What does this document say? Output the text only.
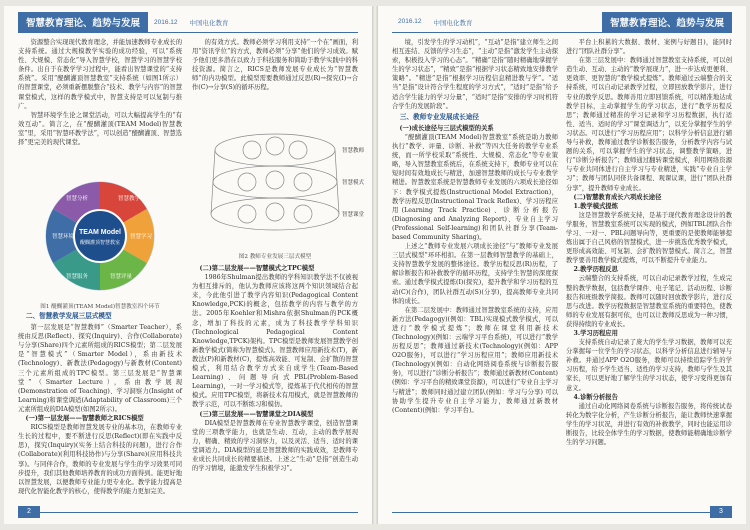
智慧教育理论、趋势与发展	2016.12 中国电化教育

资源整合实现现代教育理念，并能加速教师专业成长的支持系统。通过大规模教学实验的成功经验，可以“系统性、大规模、常态化”导入智慧学校，智慧学习的智慧学校条件。出自于在教学学习过程中，能看出智慧课堂的“支持系统”。采用“醍醐灌顶智慧教室”支持系统（如图1所示）的智慧课堂，必须重新摆脱整合“技术、教学与内容”的智慧课堂模式，这样的教学模式中，智慧支持是可以复制与推广。

智慧环境学生论之课堂活动，可以大幅提高学生的“有效互动”。简言之，在“醍醐灌顶(TEAM Model)智慧教室”里，采用“智慧环教学法”，可以创造“醍醐灌顶、智慧选择”更完美的现代课堂。

智慧教学
智慧学习
智慧评量
智慧服务
智慧环境
智慧分析
TEAM Model
醍醐灌顶智慧教室
图1 醍醐灌顶(TEAM Model)智慧教室四个环节

二、智慧教学发展三层式模型

第一层发展是“智慧教师”（Smarter Teacher），系统由反思(Reflect)、探究(Inquiry)、合作(Collaborate)与分享(Share)四个元素所组成的RICS模型；第二层发展是“智慧模式”（Smarter Model），系由新技术(Technology)、新教法(Pedagogy)与新教材(Content)三个元素所组成的TPC模型。第三层发展是“智慧课堂”（Smarter Lecture），系由教学展现(Demonstration of Teaching)、学习洞察力(Insight of Learning)和课堂调适(Adaptability of Classroom)三个元素所组成的DIA模型(如图2所示)。

(一)第一层发展——智慧教师之RICS模型

RICS模型是教师智慧发展专业的基本功，在教师专业生长的过程中，要不断进行反思(Reflect)(即在实践中反思)，探究(Inquiry)(实务上结合科技的问题)，进行合作(Collaborate)(利用科技协作)与分享(Share)(应用科技共享)。与同伴合作，教师的专业发展与学生的学习效果可同步提升，我们其他教师培养教育的成功方面得到。能更好地以智慧发展，以便教师专业能力更专业化。教学能力提高是现代化智能化教学的核心，使得教学的能力更加完美。

的有效方式。教师必须学习利用支持“一个在”画面，利用“资讯学位”的方式，教师必须“分享”他们的学习成效。赋予他们更多潜在以致力于科技服务和简助于教学实践中的科技资源。简言之，RICS是教师发展专业成长为“智慧教师”的内功模型。此模型需要教师通过反思(R)→探究(I)→合作(C)→分享(S)的循环历程。

智慧教师
智慧模式
智慧课堂
图2 教师专业发展三层式模型

(二)第二层发展——智慧模式之TPC模型

1986年Shulman提出教师的学科知识教学法不仅被视为相互排斥的，他认为教师应该将这两个知识领域结合起来，今此他引进了教学内容知识(Pedagogical Content Knowledge,PCK)的概念，包括教学的内容与教学的方法。2005年Koehler和Mishra依据Shulman的PCK概念，增加了科技的元素，成为了科技教学学科知识(Technological Pedagogical Content Knowledge,TPCK)架构。TPC模型是教师发展智慧教学创新教学模式(简称为智慧模式)。智慧教师应用新技术(T)，新教法(P)和新教材(C)，提炼高效能、可复制、会扩散的智慧模式，利用结合教学方式来自成学生(Team-Based Learning)、问题导向式PBL(Problem-Based Learning)，一对一学习模式等，提炼基于代代相传的智慧模式。应用TPC模型，将新技术有用模式，就是智慧教师的教学示范，可以不断练习和模仿。

(三)第三层发展——智慧课堂之DIA模型

DIA模型是智慧教师在专业智慧教学课堂，创造智慧课堂的三项教学能力，也就是生动、互动，主动的教学展现力，精确、精致的学习洞察力，以及灵活、适当、适时的课堂调适力。DIA模型的延是智慧教师的实践成效，是教师专业成长共同成长的精要描述。上述之“生动”是指“创造生动的学习情境，能激发学生积极学习”。

2
2016.12 中国电化教育	智慧教育理论、趋势与发展

境，引发学生的学习动机”，“互动”是指“建立师生之间相互连结、反馈的学习生态”，“主动”是指“激发学生主动探索，积极投入学习的心态”。“精确”是指“随时精确地掌握学生的学习状态”，“精致”是指“根据学习状态精致地安排教学策略”。“精进”是指“根据学习历程信息精进教与学”。“适当”是指“设计符合学生程度的学习方式”，“适时”是指“给予适合学生能力的学习分量”，“适时”是指“安排的学习时机符合学生的发展阶段”。

三、教师专业发展成长途径

(一)成长途径与三层式模型的关系

“醍醐灌顶(TEAM Model)智慧教室”系统是助力教师执行“教学、评量、诊断、补救”等四大任务的教学专业系统，而一所学校采取“系统性、大规模、常态化”等专业策略，导入智慧教室系统后，在系统支持下，教师专业可以在短时间有效地成长与精进，加速智慧教师的成长与专业教学精进。智慧教室系统是智慧教师专业发展的六项成长途径如下：教学模式提炼(Instructional Model Extraction)，教学历程反思(Instructional Track Reflex)、学习历程应用(Learning Track Practice)、诊断分析报告(Diagnosing and Analyzing Report)、专业自主学习(Professional Self-learning)和团队社群分享(Team-based Community Sharing)。

上述之“教师专业发展六项成长途径”与“教师专业发展三层式模型”环环相扣。在第一层教师智慧教学的基础上，支持智慧教学发展的整体途径。教学历程反思(R)历程，了解诊断报告和补救教学的循环历程，支持学生智慧的深度探索。通过教学模式提炼(I)(探究)，提升教学和学习历程的互动(C)(合作)，团队社群互动(S)(分享)，提高教师专业共同体的成长。

在第二层发展中：教师通过智慧教室系统的支持，应用新方法(Pedagogy)(例如：TBL)实现模式教学模式，可以进行“教学模式提炼”；教师在课堂利用新技术(Technology)(例如：云端学习平台系统)，可以进行“教学历程反思”；教师通过新技术(Technology)(例如：APP O2O服务)，可以进行“学习历程应用”；教师应用新技术(Technology)(例如：自动化网络阅卷系统与诊断报告服务)，可以进行“诊断分析报告”；教师通过新教材(Content)(例如：学习平台的精致课堂资源)，可以进行“专业自主学习与精进”；教师同时通过建立团队(例如：学习与分享) 可以协助学生提升专业自主学习能力，教师通过新教材(Content)(例如：学习平台)。

平台上积累的大数据、教材、案例与好题目)，能同时进行“团队社群分享”。

在第三层发展中：教师通过智慧教室支持系统，可以创造生动、互动、主动的“教学展现力”，进一步达成更便利、更效率、更智慧的“教学模式提炼”。教师通过云端整合的支持系统，可以自动记录教学过程，立即回放教学影片，进行专业的教学反思。教师善用立即回馈系统，可以精准地达成教学目标，主动掌握学生的学习状态，进行“教学历程反思”；教师通过精准的学习记录和学习历程数据，执行适性、适当、适时的学习“课堂调适力”，以充分掌握学生的学习状态。可以进行“学习历程应用”；以科学分析信息进行辅导与补救，教师通过教学诊断报告服务，分析教学内容与试题的关系，可以掌握学生的学习状态，调整教学策略，进行“诊断分析报告”；教师通过翻转课堂模式，利用网络资源与专业共同体进行自主学习与专业精进，实践“专业自主学习”；教师与团队同侪共备课程、观课议课，进行“团队社群分享”，提升教师专业成长。

(二)智慧教育成长六项成长途径

1.教学模式提炼

这是智慧教学系统支持，是基于现代教育理念设计的教学服务，智慧教室系统可以实现的模式，例如TBL团队合作学习、一对一、PBL问题导向等，更重要的是使教师能够提炼出属于自己风格的智慧模式，进一步挑选优秀教学模式，更形成高效能、可复制、会扩散的智慧模式。简言之，智慧教学要善用教学模式提炼，可以不断提升专业能力。

2.教学历程反思

云端整合的支持系统，可以自动记录教学过程，生成完整的教学数据，包括教学课件、电子笔记、活动历程、诊断报告和班级教学简报。教师可以随时回放教学影片，进行反思与改进。教学历程数据是智慧教室系统的重要特色，使教师的专业发展有据可依，也可以让教师反思成为一种习惯，获得持续的专业成长。

3.学习历程应用

支持系统自动记录了庞大的学生学习数据，教师可以充分掌握每一位学生的学习状态，以科学分析信息进行辅导与补救。并通过APP O2O服务，教师可以持续追踪学生的学习历程，给予学生适当、适性的学习支持，教师与学生及其家长，可以更好地了解学生的学习状态，使学习变得更加有意义。

4.诊断分析报告

通过自动化网络阅卷系统与诊断报告服务，将传统试卷转化为数字化分析，产生诊断分析报告，能让教师快速掌握学生的学习状况，并进行有效的补救教学，同时也能运用诊断报告，比较全体学生的学习数据，使教师能精确地诊断学生的学习问题。

3
